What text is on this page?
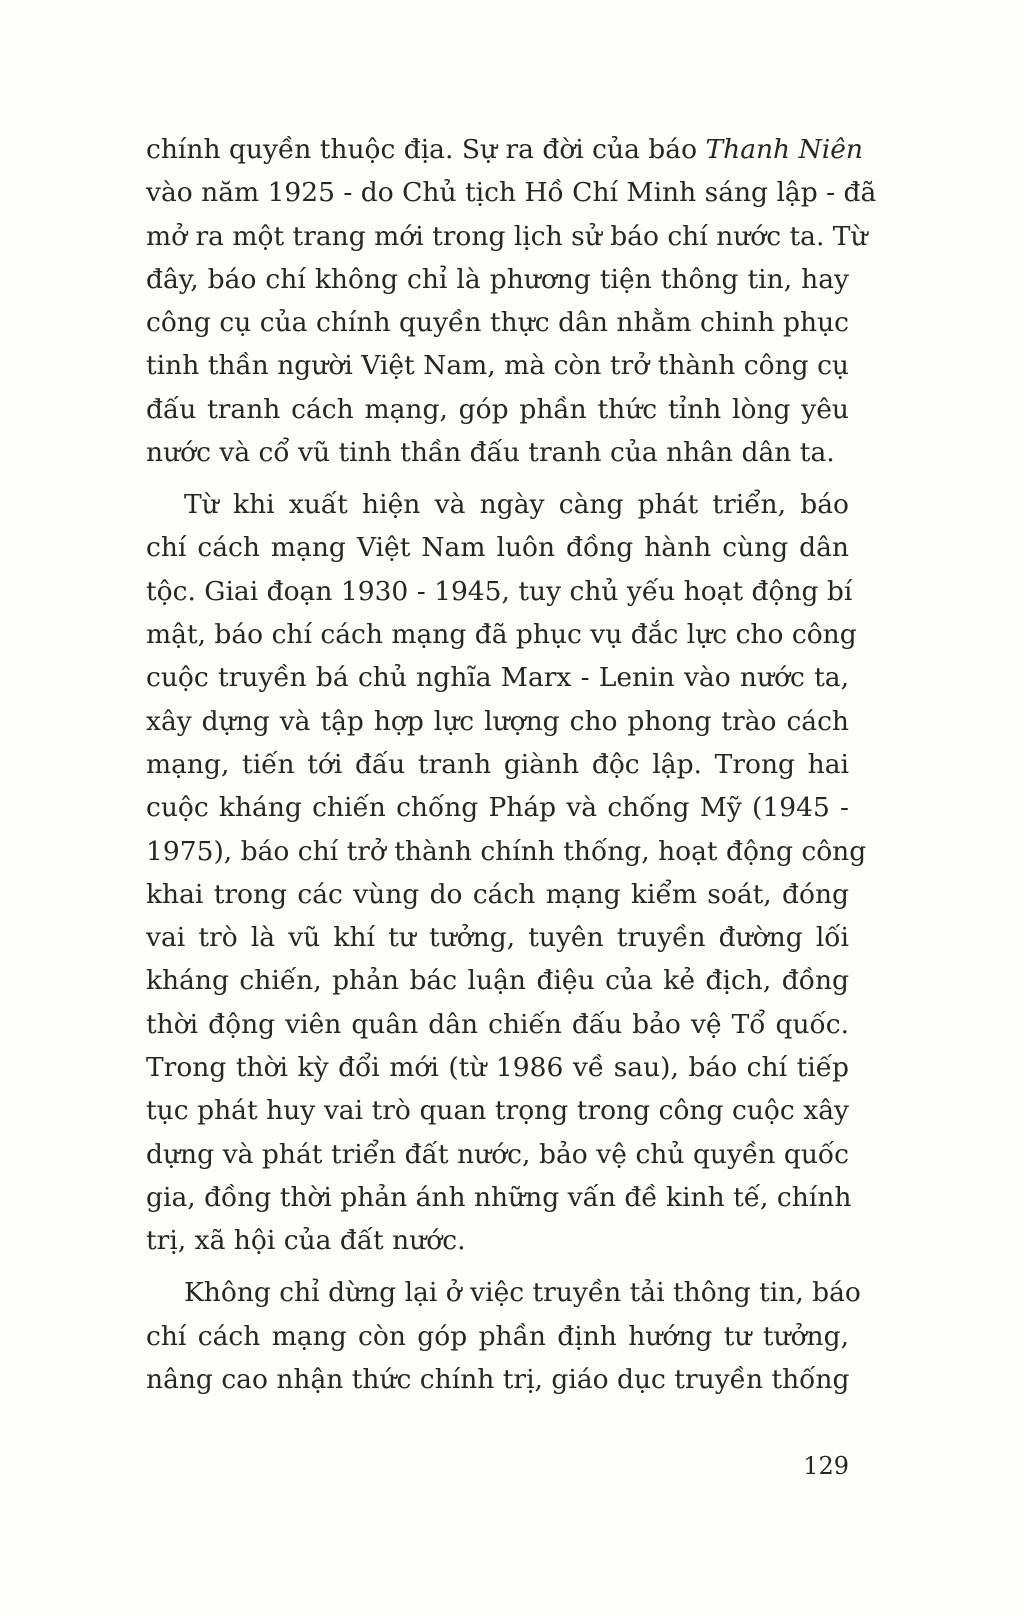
chính quyền thuộc địa. Sự ra đời của báo Thanh Niên
vào năm 1925 - do Chủ tịch Hồ Chí Minh sáng lập - đã
mở ra một trang mới trong lịch sử báo chí nước ta. Từ
đây, báo chí không chỉ là phương tiện thông tin, hay
công cụ của chính quyền thực dân nhằm chinh phục
tinh thần người Việt Nam, mà còn trở thành công cụ
đấu tranh cách mạng, góp phần thức tỉnh lòng yêu
nước và cổ vũ tinh thần đấu tranh của nhân dân ta.
Từ khi xuất hiện và ngày càng phát triển, báo
chí cách mạng Việt Nam luôn đồng hành cùng dân
tộc. Giai đoạn 1930 - 1945, tuy chủ yếu hoạt động bí
mật, báo chí cách mạng đã phục vụ đắc lực cho công
cuộc truyền bá chủ nghĩa Marx - Lenin vào nước ta,
xây dựng và tập hợp lực lượng cho phong trào cách
mạng, tiến tới đấu tranh giành độc lập. Trong hai
cuộc kháng chiến chống Pháp và chống Mỹ (1945 -
1975), báo chí trở thành chính thống, hoạt động công
khai trong các vùng do cách mạng kiểm soát, đóng
vai trò là vũ khí tư tưởng, tuyên truyền đường lối
kháng chiến, phản bác luận điệu của kẻ địch, đồng
thời động viên quân dân chiến đấu bảo vệ Tổ quốc.
Trong thời kỳ đổi mới (từ 1986 về sau), báo chí tiếp
tục phát huy vai trò quan trọng trong công cuộc xây
dựng và phát triển đất nước, bảo vệ chủ quyền quốc
gia, đồng thời phản ánh những vấn đề kinh tế, chính
trị, xã hội của đất nước.
Không chỉ dừng lại ở việc truyền tải thông tin, báo
chí cách mạng còn góp phần định hướng tư tưởng,
nâng cao nhận thức chính trị, giáo dục truyền thống
129
